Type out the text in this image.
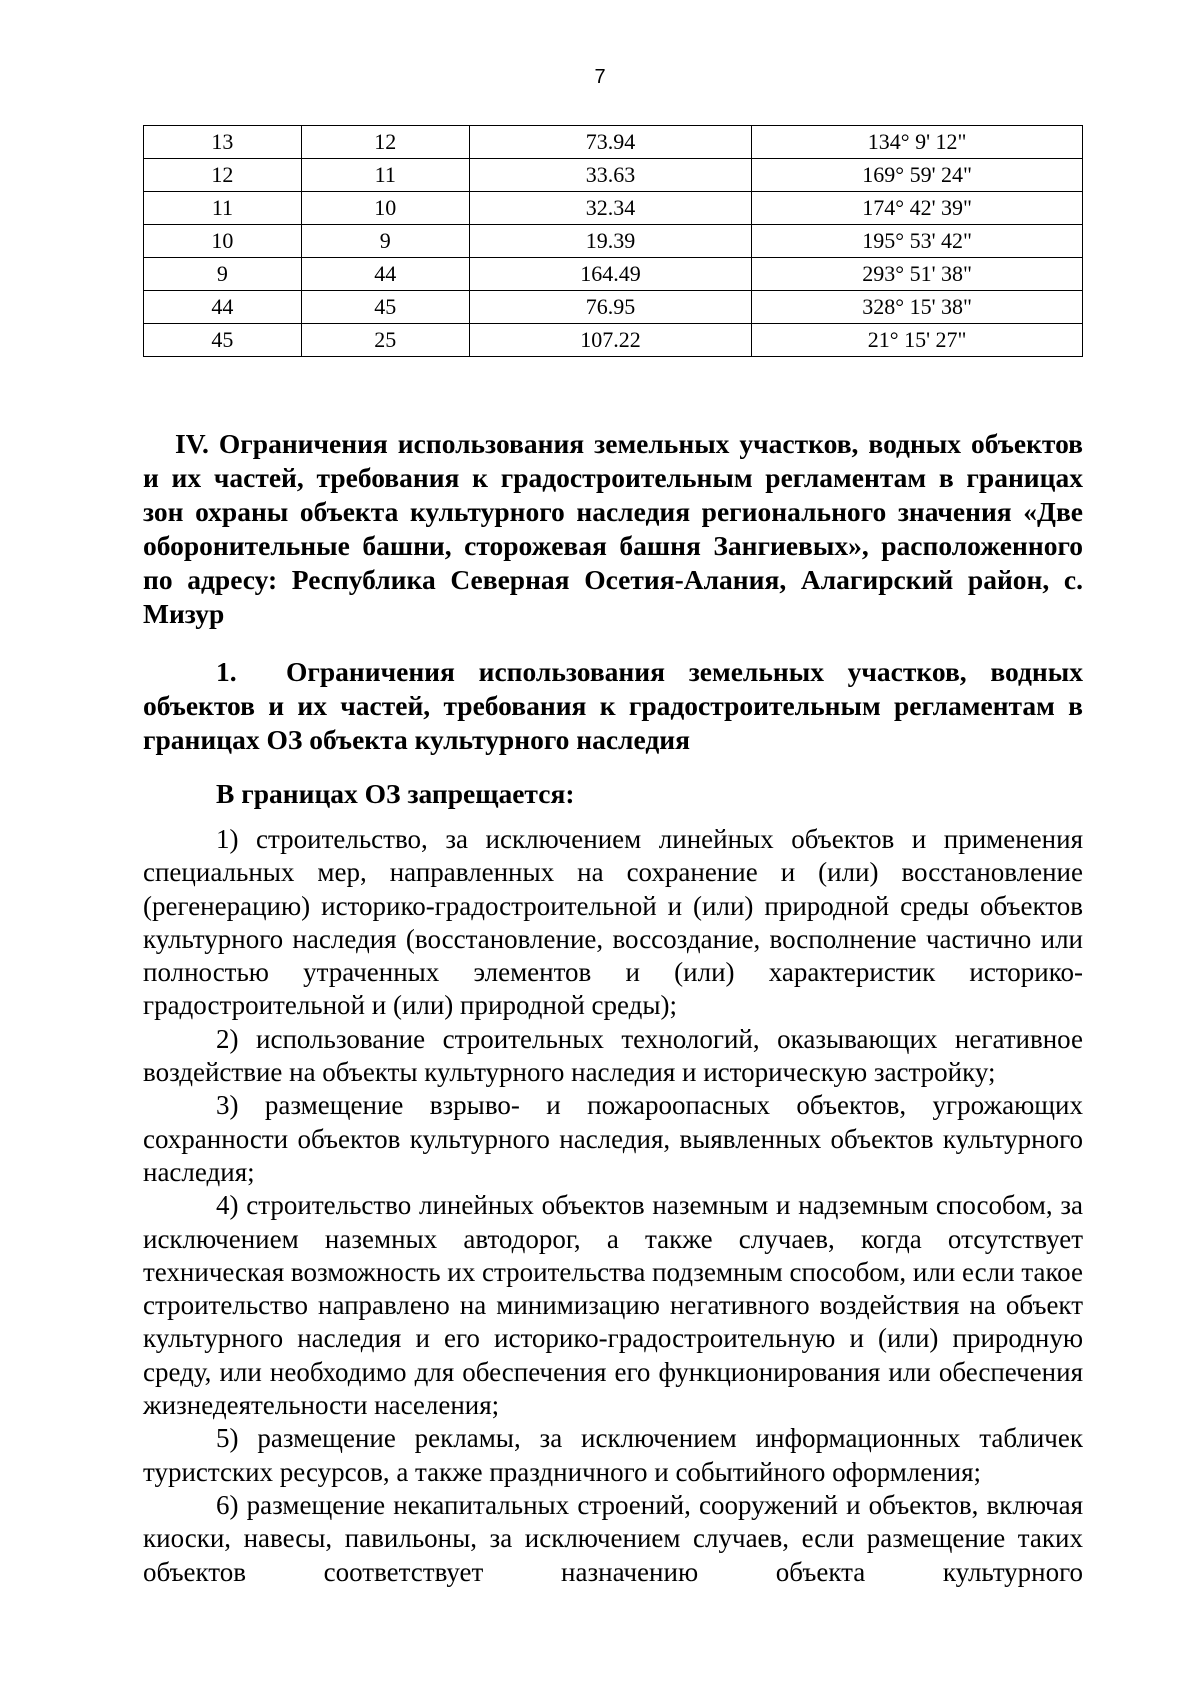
7
13	12	73.94	134° 9' 12"
12	11	33.63	169° 59' 24"
11	10	32.34	174° 42' 39"
10	9	19.39	195° 53' 42"
9	44	164.49	293° 51' 38"
44	45	76.95	328° 15' 38"
45	25	107.22	21° 15' 27"
IV. Ограничения использования земельных участков, водных объектов и их частей, требования к градостроительным регламентам в границах зон охраны объекта культурного наследия регионального значения «Две оборонительные башни, сторожевая башня Зангиевых», расположенного по адресу: Республика Северная Осетия-Алания, Алагирский район, с. Мизур
1. Ограничения использования земельных участков, водных объектов и их частей, требования к градостроительным регламентам в границах ОЗ объекта культурного наследия
В границах ОЗ запрещается:

1) строительство, за исключением линейных объектов и применения специальных мер, направленных на сохранение и (или) восстановление (регенерацию) историко-градостроительной и (или) природной среды объектов культурного наследия (восстановление, воссоздание, восполнение частично или полностью утраченных элементов и (или) характеристик историко-градостроительной и (или) природной среды);

2) использование строительных технологий, оказывающих негативное воздействие на объекты культурного наследия и историческую застройку;

3) размещение взрыво- и пожароопасных объектов, угрожающих сохранности объектов культурного наследия, выявленных объектов культурного наследия;

4) строительство линейных объектов наземным и надземным способом, за исключением наземных автодорог, а также случаев, когда отсутствует техническая возможность их строительства подземным способом, или если такое строительство направлено на минимизацию негативного воздействия на объект культурного наследия и его историко-градостроительную и (или) природную среду, или необходимо для обеспечения его функционирования или обеспечения жизнедеятельности населения;

5) размещение рекламы, за исключением информационных табличек туристских ресурсов, а также праздничного и событийного оформления;

6) размещение некапитальных строений, сооружений и объектов, включая киоски, навесы, павильоны, за исключением случаев, если размещение таких объектов соответствует назначению объекта культурного
